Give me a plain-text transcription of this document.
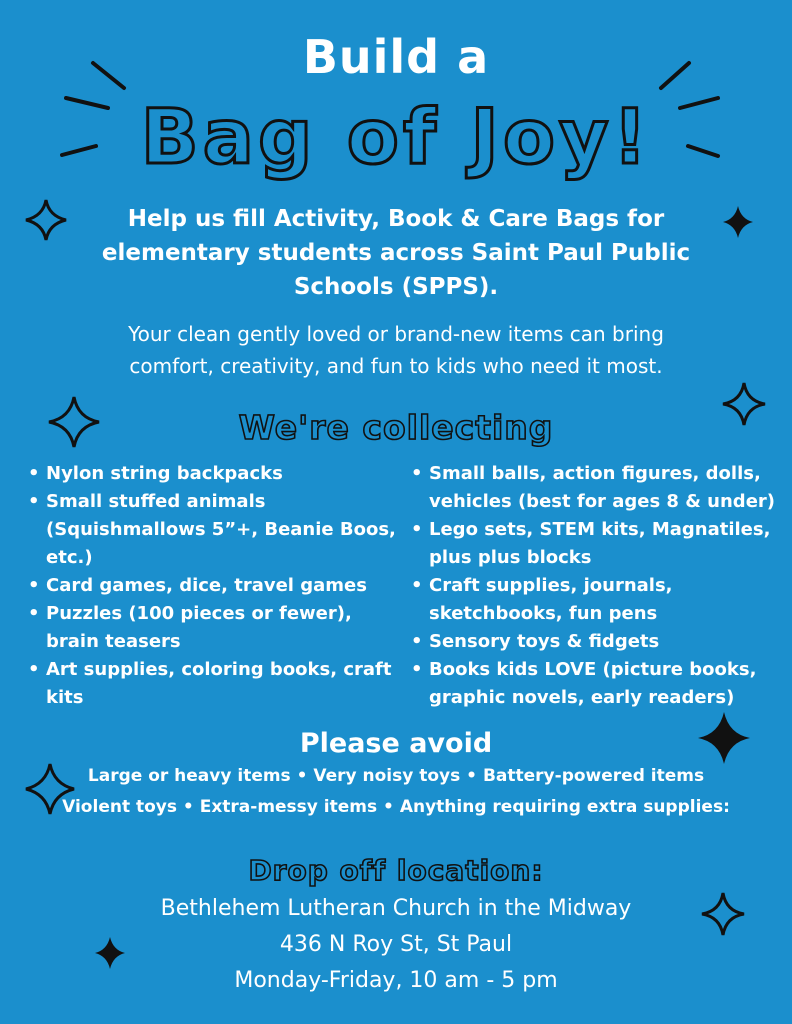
Build a
Bag of Joy!
Help us fill Activity, Book & Care Bags for elementary students across Saint Paul Public Schools (SPPS).
Your clean gently loved or brand-new items can bring comfort, creativity, and fun to kids who need it most.
We're collecting
• Nylon string backpacks
• Small stuffed animals (Squishmallows 5”+, Beanie Boos, etc.)
• Card games, dice, travel games
• Puzzles (100 pieces or fewer), brain teasers
• Art supplies, coloring books, craft kits
• Small balls, action figures, dolls, vehicles (best for ages 8 & under)
• Lego sets, STEM kits, Magnatiles, plus plus blocks
• Craft supplies, journals, sketchbooks, fun pens
• Sensory toys & fidgets
• Books kids LOVE (picture books, graphic novels, early readers)
Please avoid
Large or heavy items • Very noisy toys • Battery-powered items
Violent toys • Extra-messy items • Anything requiring extra supplies:
Drop off location:
Bethlehem Lutheran Church in the Midway
436 N Roy St, St Paul
Monday-Friday, 10 am - 5 pm
